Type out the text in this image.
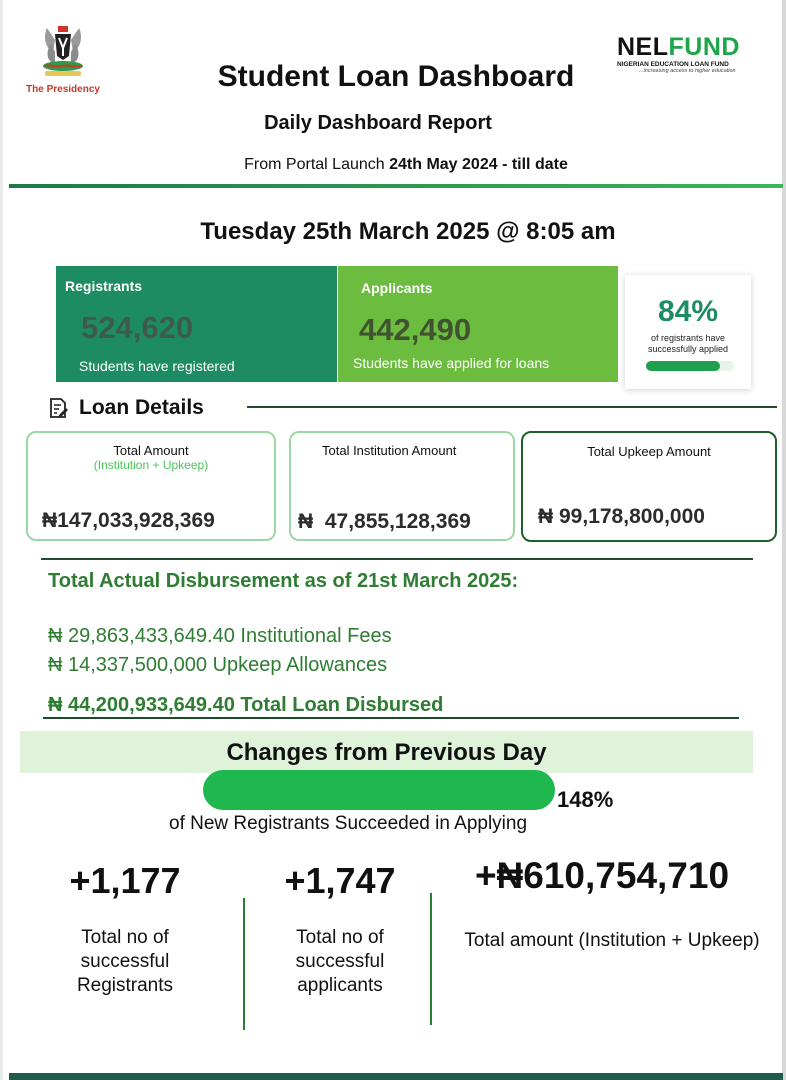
The Presidency
NELFUND
NIGERIAN EDUCATION LOAN FUND
...increasing access to higher education
Student Loan Dashboard
Daily Dashboard Report
From Portal Launch 24th May 2024 - till date
Tuesday 25th March 2025 @ 8:05 am
Registrants
524,620
Students have registered
Applicants
442,490
Students have applied for loans
84%
of registrants have
successfully applied
Loan Details
Total Amount
(Institution + Upkeep)
₦147,033,928,369
Total Institution Amount
₦  47,855,128,369
Total Upkeep Amount
₦ 99,178,800,000
Total Actual Disbursement as of 21st March 2025:
₦ 29,863,433,649.40 Institutional Fees
₦ 14,337,500,000 Upkeep Allowances
₦ 44,200,933,649.40 Total Loan Disbursed
Changes from Previous Day
148%
of New Registrants Succeeded in Applying
+1,177
Total no of
successful
Registrants
+1,747
Total no of
successful
applicants
+₦610,754,710
Total amount (Institution + Upkeep)
